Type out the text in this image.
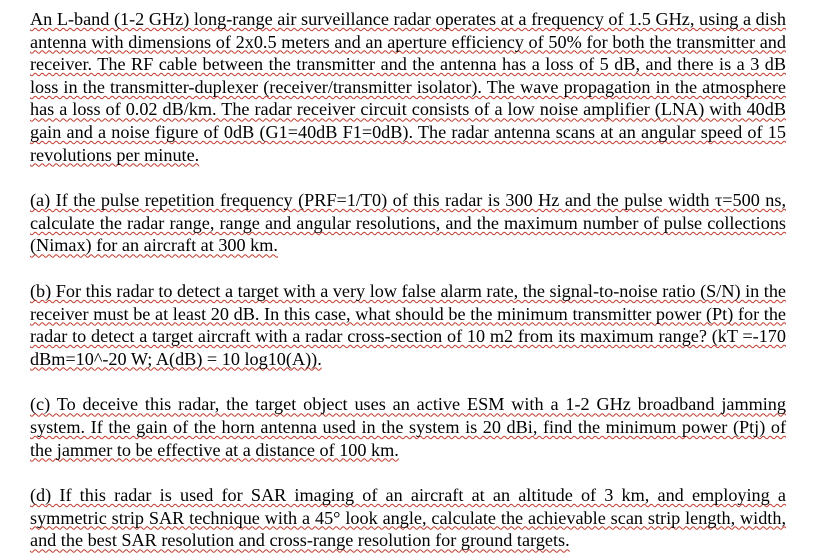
An L-band (1-2 GHz) long-range air surveillance radar operates at a frequency of 1.5 GHz, using a dish antenna with dimensions of 2x0.5 meters and an aperture efficiency of 50% for both the transmitter and receiver. The RF cable between the transmitter and the antenna has a loss of 5 dB, and there is a 3 dB loss in the transmitter-duplexer (receiver/transmitter isolator). The wave propagation in the atmosphere has a loss of 0.02 dB/km. The radar receiver circuit consists of a low noise amplifier (LNA) with 40dB gain and a noise figure of 0dB (G1=40dB F1=0dB). The radar antenna scans at an angular speed of 15 revolutions per minute.

(a) If the pulse repetition frequency (PRF=1/T0) of this radar is 300 Hz and the pulse width τ=500 ns, calculate the radar range, range and angular resolutions, and the maximum number of pulse collections (Nimax) for an aircraft at 300 km.

(b) For this radar to detect a target with a very low false alarm rate, the signal-to-noise ratio (S/N) in the receiver must be at least 20 dB. In this case, what should be the minimum transmitter power (Pt) for the radar to detect a target aircraft with a radar cross-section of 10 m2 from its maximum range? (kT =-170 dBm=10^-20 W; A(dB) = 10 log10(A)).

(c) To deceive this radar, the target object uses an active ESM with a 1-2 GHz broadband jamming system. If the gain of the horn antenna used in the system is 20 dBi, find the minimum power (Ptj) of the jammer to be effective at a distance of 100 km.

(d) If this radar is used for SAR imaging of an aircraft at an altitude of 3 km, and employing a symmetric strip SAR technique with a 45° look angle, calculate the achievable scan strip length, width, and the best SAR resolution and cross-range resolution for ground targets.
